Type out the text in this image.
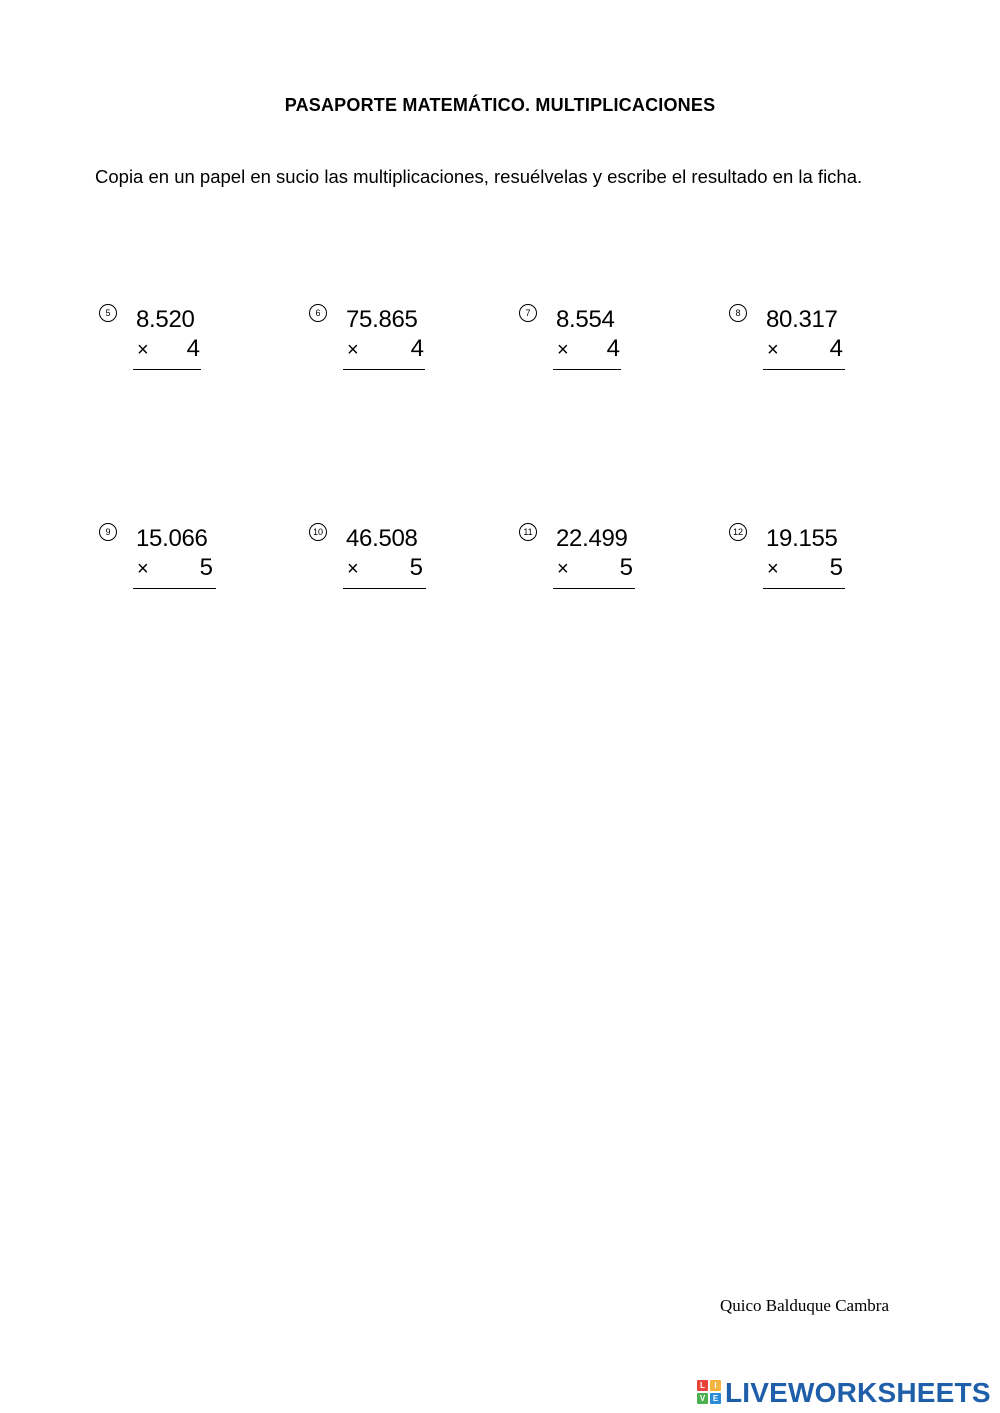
PASAPORTE MATEMÁTICO. MULTIPLICACIONES
Copia en un papel en sucio las multiplicaciones, resuélvelas y escribe el resultado en la ficha.
5 8.520
× 4
6 75.865
× 4
7 8.554
× 4
8 80.317
× 4
9 15.066
× 5
10 46.508
× 5
11 22.499
× 5
12 19.155
× 5
Quico Balduque Cambra
L	I
V E LIVEWORKSHEETS
